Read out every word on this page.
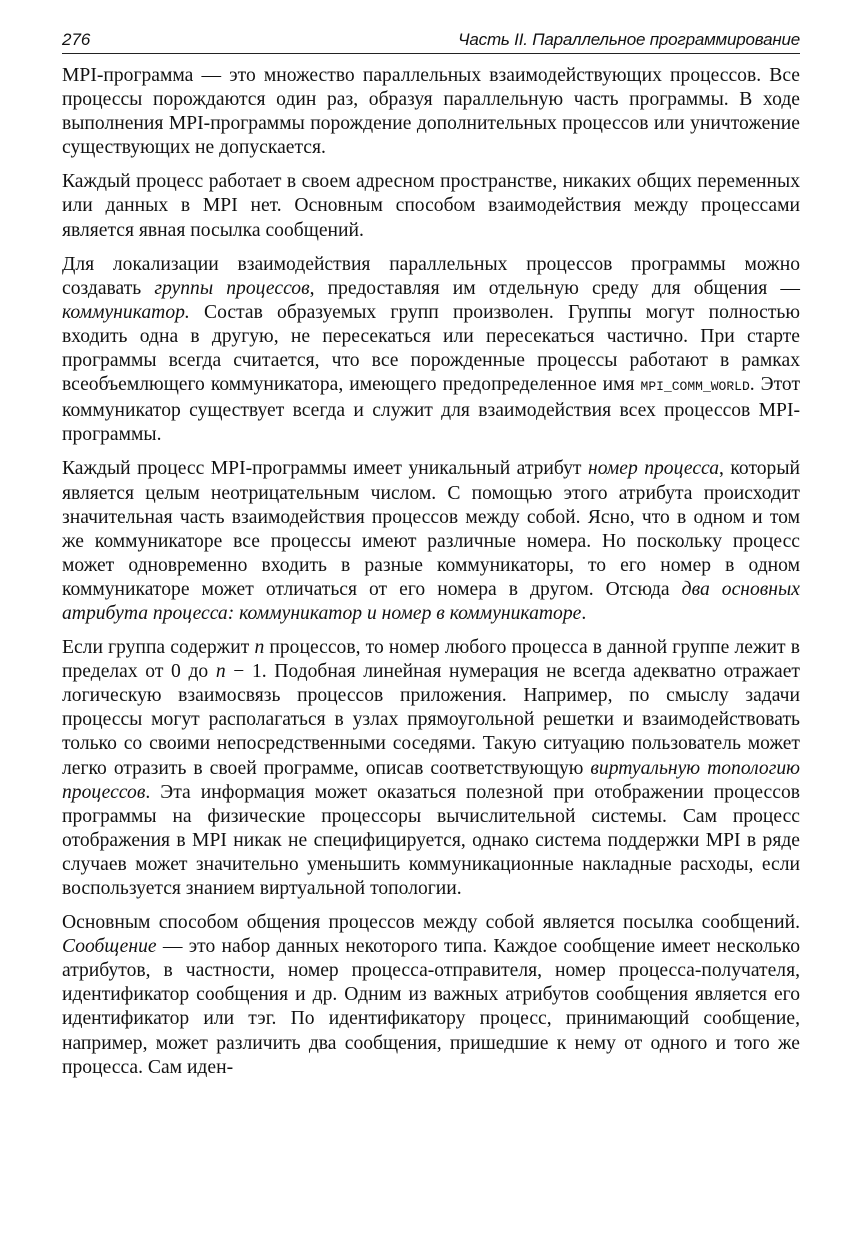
276	Часть II. Параллельное программирование

MPI-программа — это множество параллельных взаимодействующих процессов. Все процессы порождаются один раз, образуя параллельную часть программы. В ходе выполнения MPI-программы порождение дополнительных процессов или уничтожение существующих не допускается.

Каждый процесс работает в своем адресном пространстве, никаких общих переменных или данных в MPI нет. Основным способом взаимодействия между процессами является явная посылка сообщений.

Для локализации взаимодействия параллельных процессов программы можно создавать группы процессов, предоставляя им отдельную среду для общения — коммуникатор. Состав образуемых групп произволен. Группы могут полностью входить одна в другую, не пересекаться или пересекаться частично. При старте программы всегда считается, что все порожденные процессы работают в рамках всеобъемлющего коммуникатора, имеющего предопределенное имя MPI_COMM_WORLD. Этот коммуникатор существует всегда и служит для взаимодействия всех процессов MPI-программы.

Каждый процесс MPI-программы имеет уникальный атрибут номер процесса, который является целым неотрицательным числом. С помощью этого атрибута происходит значительная часть взаимодействия процессов между собой. Ясно, что в одном и том же коммуникаторе все процессы имеют различные номера. Но поскольку процесс может одновременно входить в разные коммуникаторы, то его номер в одном коммуникаторе может отличаться от его номера в другом. Отсюда два основных атрибута процесса: коммуникатор и номер в коммуникаторе.

Если группа содержит n процессов, то номер любого процесса в данной группе лежит в пределах от 0 до n − 1. Подобная линейная нумерация не всегда адекватно отражает логическую взаимосвязь процессов приложения. Например, по смыслу задачи процессы могут располагаться в узлах прямоугольной решетки и взаимодействовать только со своими непосредственными соседями. Такую ситуацию пользователь может легко отразить в своей программе, описав соответствующую виртуальную топологию процессов. Эта информация может оказаться полезной при отображении процессов программы на физические процессоры вычислительной системы. Сам процесс отображения в MPI никак не специфицируется, однако система поддержки MPI в ряде случаев может значительно уменьшить коммуникационные накладные расходы, если воспользуется знанием виртуальной топологии.

Основным способом общения процессов между собой является посылка сообщений. Сообщение — это набор данных некоторого типа. Каждое сообщение имеет несколько атрибутов, в частности, номер процесса-отправителя, номер процесса-получателя, идентификатор сообщения и др. Одним из важных атрибутов сообщения является его идентификатор или тэг. По идентификатору процесс, принимающий сообщение, например, может различить два сообщения, пришедшие к нему от одного и того же процесса. Сам иден-
